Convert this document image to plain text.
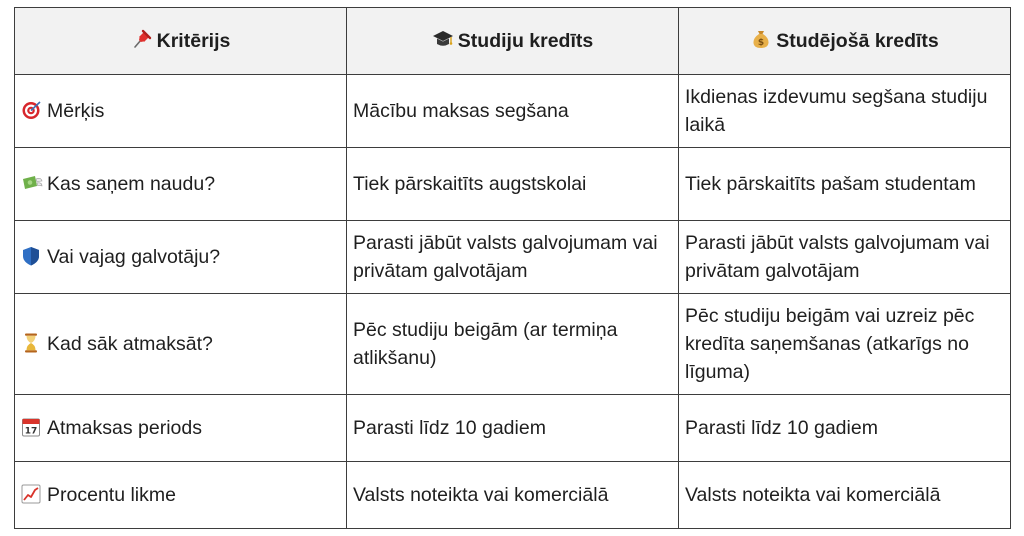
Kritērijs	Studiju kredīts	$ Studējošā kredīts

Mērķis	Mācību maksas segšana	Ikdienas izdevumu segšana studiju laikā

Kas saņem naudu?	Tiek pārskaitīts augstskolai	Tiek pārskaitīts pašam studentam

Vai vajag galvotāju?	Parasti jābūt valsts galvojumam vai privātam galvotājam	Parasti jābūt valsts galvojumam vai privātam galvotājam

Kad sāk atmaksāt?	Pēc studiju beigām (ar termiņa atlikšanu)	Pēc studiju beigām vai uzreiz pēc kredīta saņemšanas (atkarīgs no līguma)

17 Atmaksas periods	Parasti līdz 10 gadiem	Parasti līdz 10 gadiem

Procentu likme	Valsts noteikta vai komerciālā	Valsts noteikta vai komerciālā
